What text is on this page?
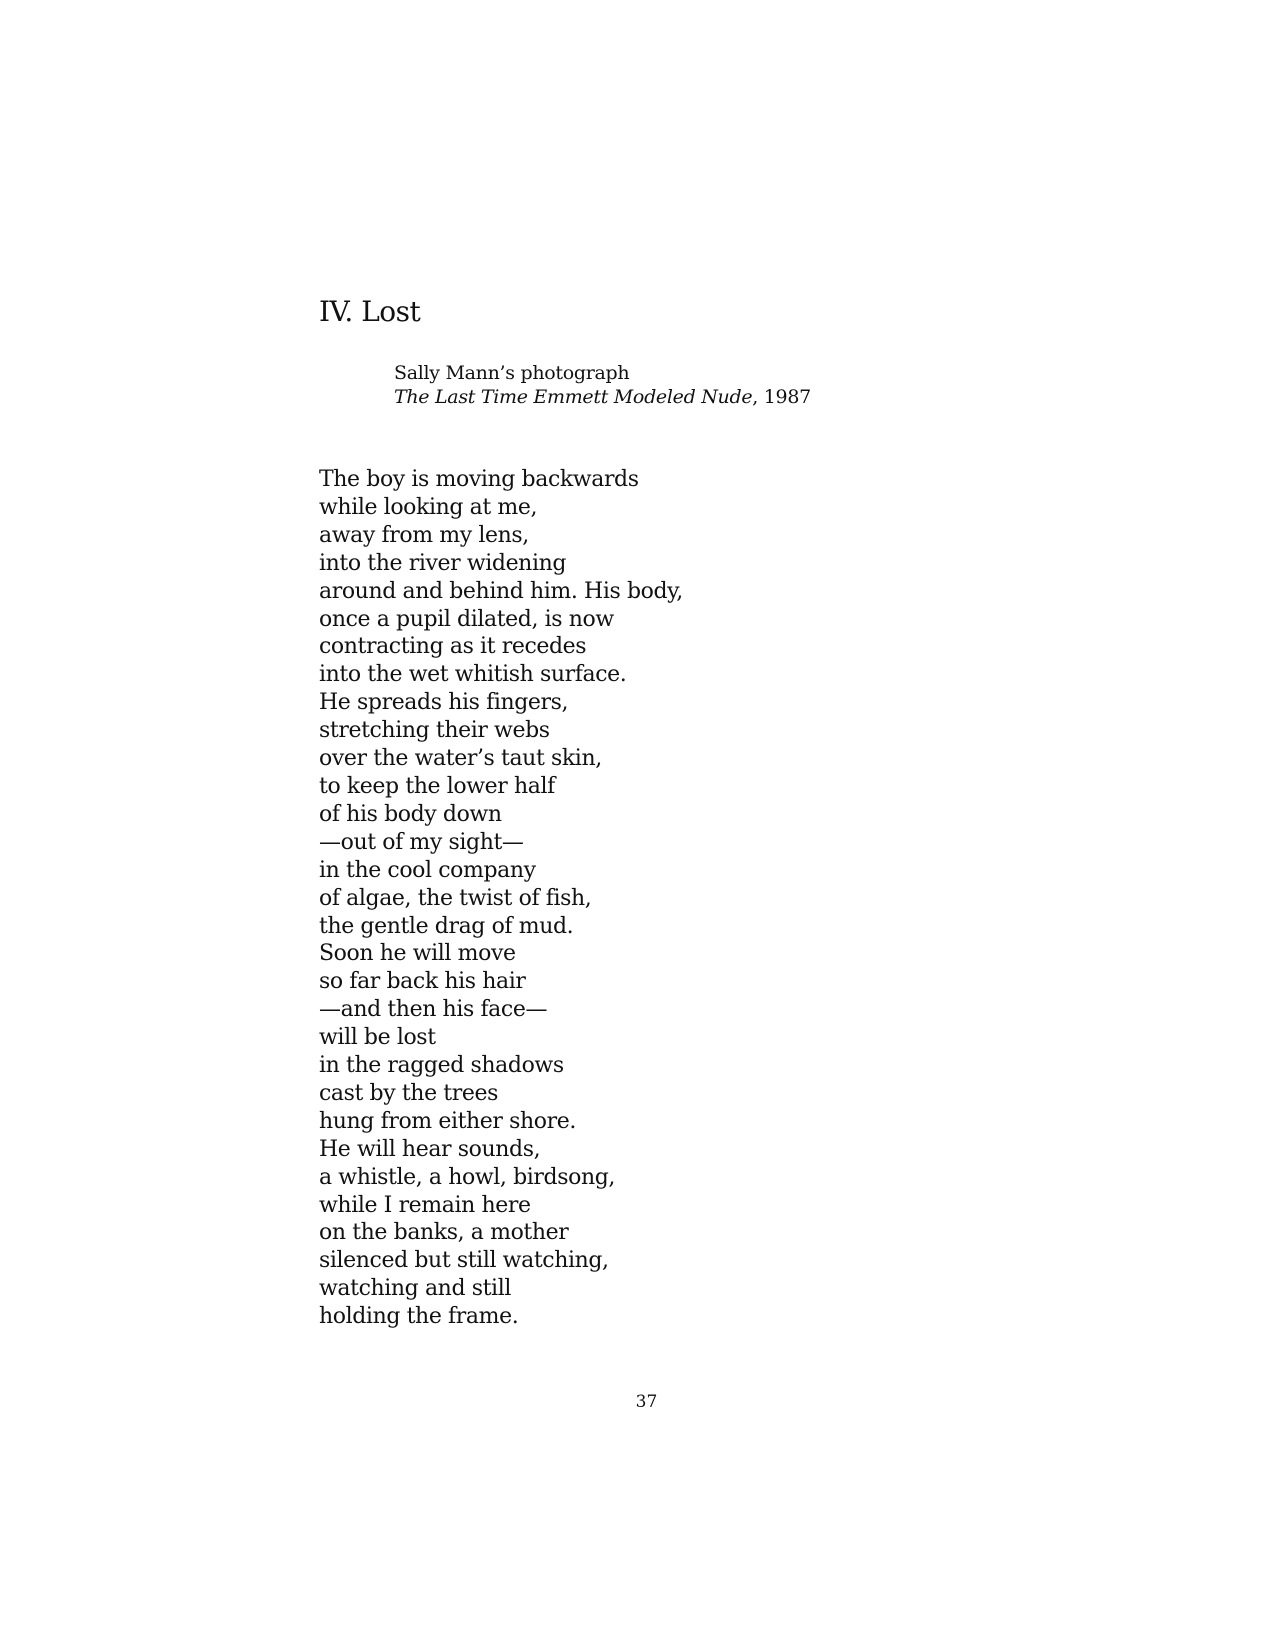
IV. Lost
Sally Mann’s photograph
The Last Time Emmett Modeled Nude, 1987
The boy is moving backwards
while looking at me,
away from my lens,
into the river widening
around and behind him. His body,
once a pupil dilated, is now
contracting as it recedes
into the wet whitish surface.
He spreads his fingers,
stretching their webs
over the water’s taut skin,
to keep the lower half
of his body down
—out of my sight—
in the cool company
of algae, the twist of fish,
the gentle drag of mud.
Soon he will move
so far back his hair
—and then his face—
will be lost
in the ragged shadows
cast by the trees
hung from either shore.
He will hear sounds,
a whistle, a howl, birdsong,
while I remain here
on the banks, a mother
silenced but still watching,
watching and still
holding the frame.
37
